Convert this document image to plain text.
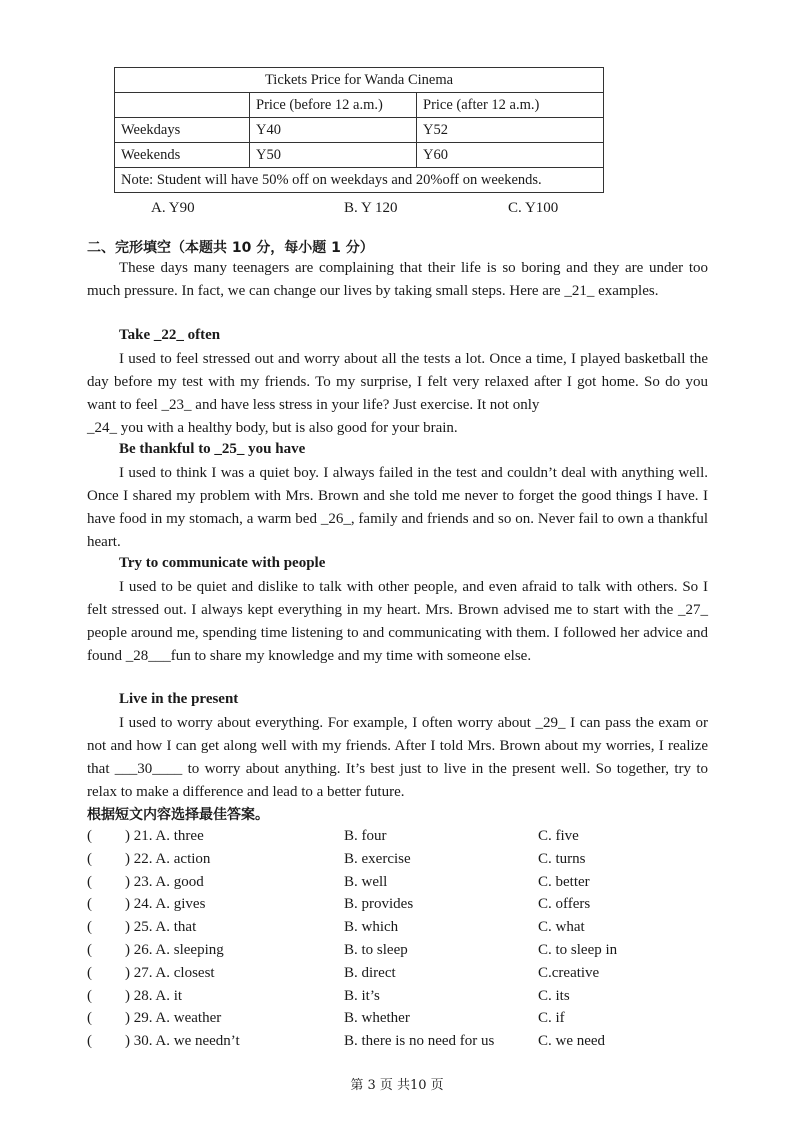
Tickets Price for Wanda Cinema		
	Price (before 12 a.m.)	Price (after 12 a.m.)
Weekdays	Y40	Y52
Weekends	Y50	Y60
Note: Student will have 50% off on weekdays and 20%off on weekends.		
A. Y90	B. Y 120	C. Y100
二、完形填空（本题共 10 分，每小题 1 分）
These days many teenagers are complaining that their life is so boring and they are under too much pressure. In fact, we can change our lives by taking small steps. Here are _21_ examples.
Take _22_ often
I used to feel stressed out and worry about all the tests a lot. Once a time, I played basketball the day before my test with my friends. To my surprise, I felt very relaxed after I got home. So do you want to feel _23_ and have less stress in your life? Just exercise. It not only
_24_ you with a healthy body, but is also good for your brain.
Be thankful to _25_ you have
I used to think I was a quiet boy. I always failed in the test and couldn’t deal with anything well. Once I shared my problem with Mrs. Brown and she told me never to forget the good things I have. I have food in my stomach, a warm bed _26_, family and friends and so on. Never fail to own a thankful heart.
Try to communicate with people
I used to be quiet and dislike to talk with other people, and even afraid to talk with others. So I felt stressed out. I always kept everything in my heart. Mrs. Brown advised me to start with the _27_ people around me, spending time listening to and communicating with them. I followed her advice and found _28___fun to share my knowledge and my time with someone else.
Live in the present
I used to worry about everything. For example, I often worry about _29_ I can pass the exam or not and how I can get along well with my friends. After I told Mrs. Brown about my worries, I realize that ___30____ to worry about anything. It’s best just to live in the present well. So together, try to relax to make a difference and lead to a better future.
根据短文内容选择最佳答案。
( ) 21. A. three	B. four	C. five
( ) 22. A. action	B. exercise	C. turns
( ) 23. A. good	B. well	C. better
( ) 24. A. gives	B. provides	C. offers
( ) 25. A. that	B. which	C. what
( ) 26. A. sleeping	B. to sleep	C. to sleep in
( ) 27. A. closest	B. direct	C.creative
( ) 28. A. it	B. it’s	C. its
( ) 29. A. weather	B. whether	C. if
( ) 30. A. we needn’t	B. there is no need for us	C. we need
第 3 页 共10 页
